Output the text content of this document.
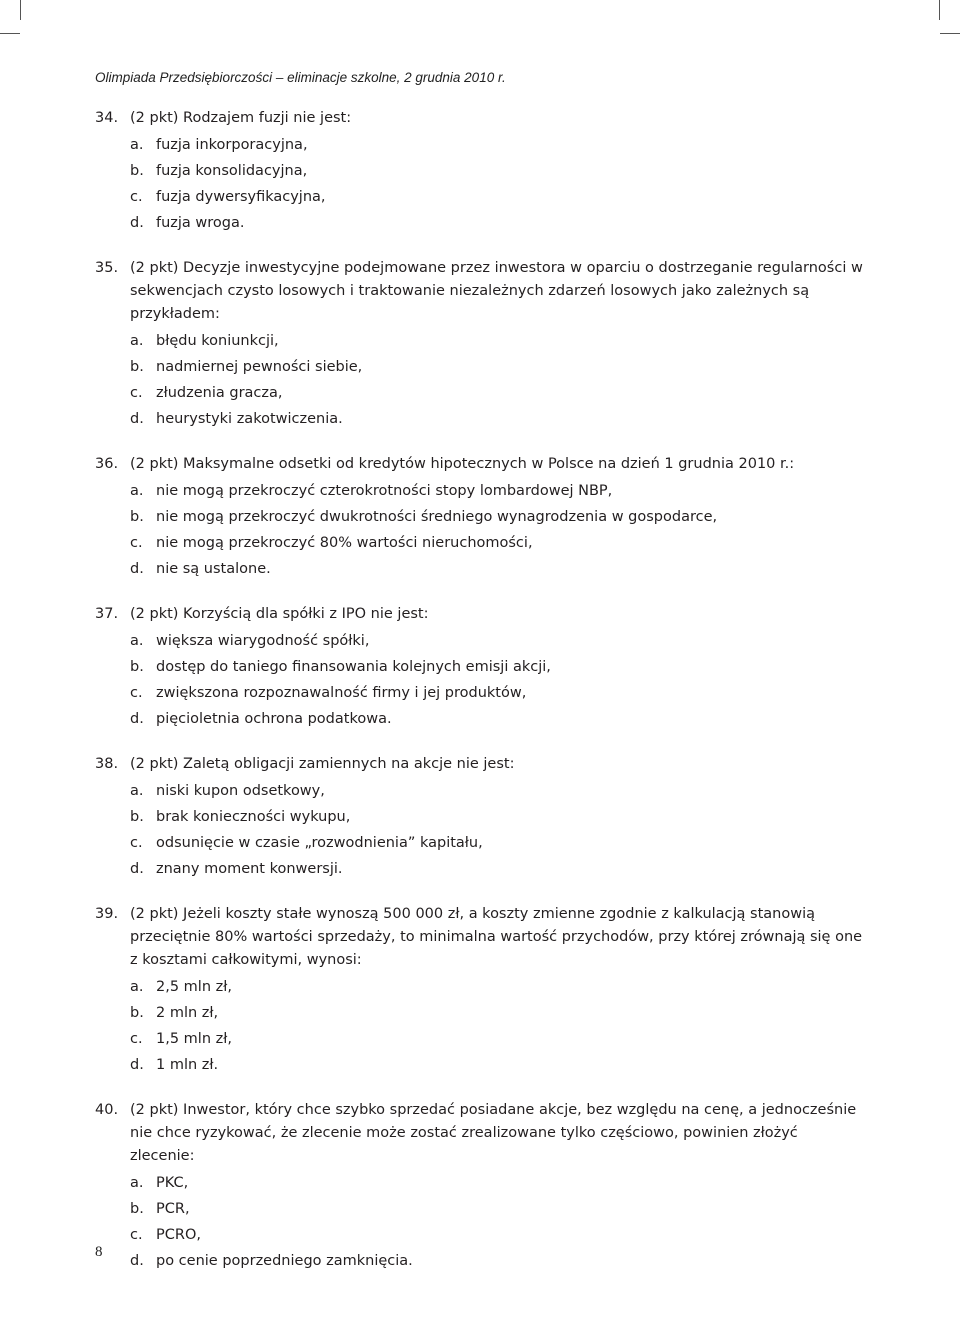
Olimpiada Przedsiębiorczości – eliminacje szkolne, 2 grudnia 2010 r.
34. (2 pkt) Rodzajem fuzji nie jest:
a. fuzja inkorporacyjna,
b. fuzja konsolidacyjna,
c. fuzja dywersyfikacyjna,
d. fuzja wroga.
35. (2 pkt) Decyzje inwestycyjne podejmowane przez inwestora w oparciu o dostrzeganie regularności w sekwencjach czysto losowych i traktowanie niezależnych zdarzeń losowych jako zależnych są przykładem:
a. błędu koniunkcji,
b. nadmiernej pewności siebie,
c. złudzenia gracza,
d. heurystyki zakotwiczenia.
36. (2 pkt) Maksymalne odsetki od kredytów hipotecznych w Polsce na dzień 1 grudnia 2010 r.:
a. nie mogą przekroczyć czterokrotności stopy lombardowej NBP,
b. nie mogą przekroczyć dwukrotności średniego wynagrodzenia w gospodarce,
c. nie mogą przekroczyć 80% wartości nieruchomości,
d. nie są ustalone.
37. (2 pkt) Korzyścią dla spółki z IPO nie jest:
a. większa wiarygodność spółki,
b. dostęp do taniego finansowania kolejnych emisji akcji,
c. zwiększona rozpoznawalność firmy i jej produktów,
d. pięcioletnia ochrona podatkowa.
38. (2 pkt) Zaletą obligacji zamiennych na akcje nie jest:
a. niski kupon odsetkowy,
b. brak konieczności wykupu,
c. odsunięcie w czasie „rozwodnienia” kapitału,
d. znany moment konwersji.
39. (2 pkt) Jeżeli koszty stałe wynoszą 500 000 zł, a koszty zmienne zgodnie z kalkulacją stanowią przeciętnie 80% wartości sprzedaży, to minimalna wartość przychodów, przy której zrównają się one z kosztami całkowitymi, wynosi:
a. 2,5 mln zł,
b. 2 mln zł,
c. 1,5 mln zł,
d. 1 mln zł.
40. (2 pkt) Inwestor, który chce szybko sprzedać posiadane akcje, bez względu na cenę, a jednocześnie nie chce ryzykować, że zlecenie może zostać zrealizowane tylko częściowo, powinien złożyć zlecenie:
a. PKC,
b. PCR,
c. PCRO,
d. po cenie poprzedniego zamknięcia.
8
